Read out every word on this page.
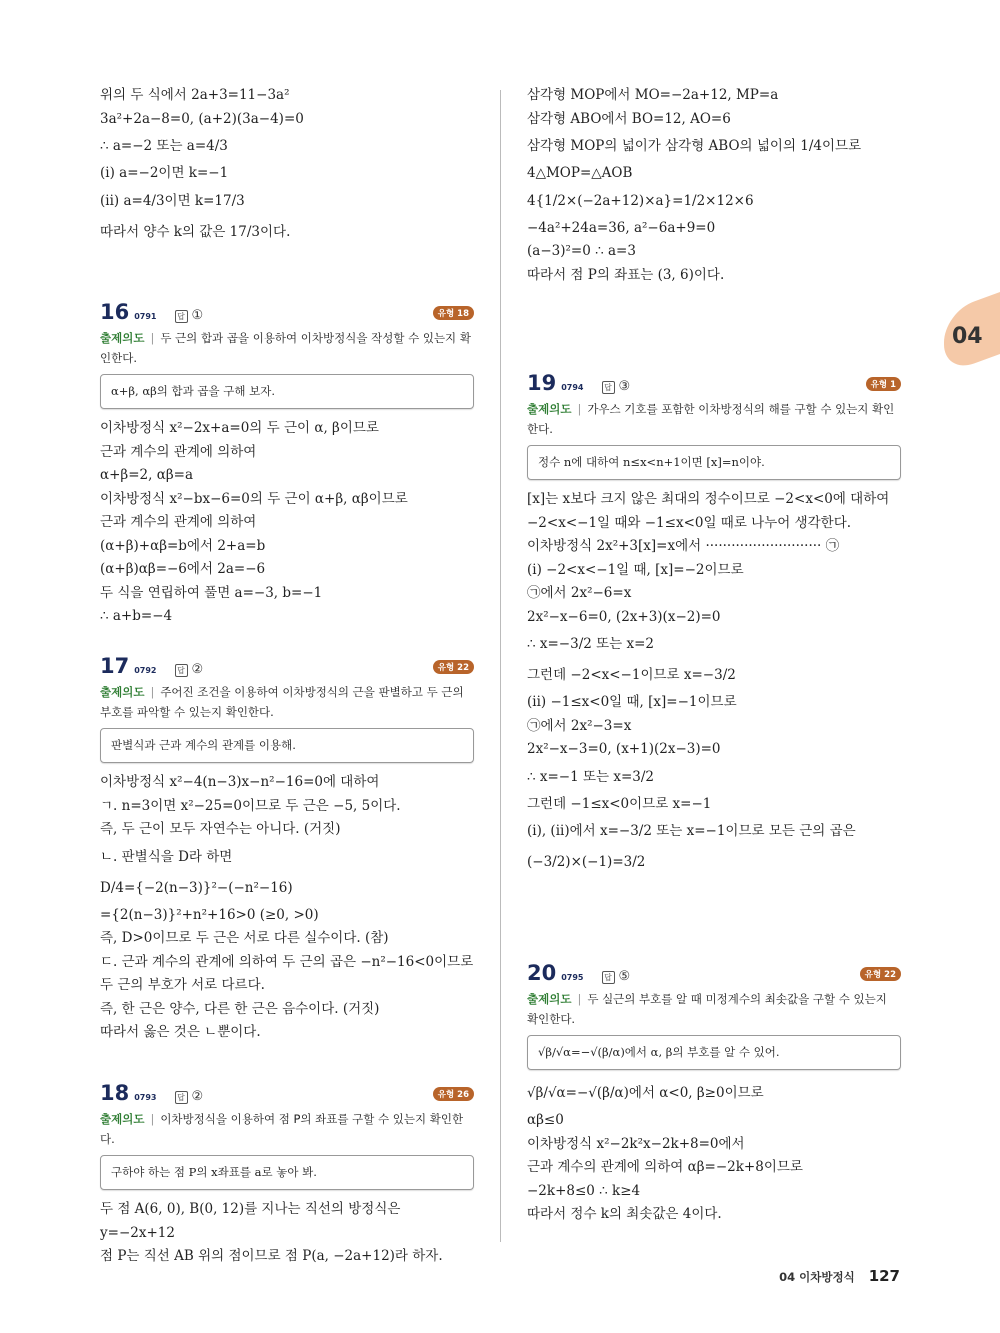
04
위의 두 식에서 2a+3=11−3a²
3a²+2a−8=0, (a+2)(3a−4)=0
∴ a=−2 또는 a=4/3
(i) a=−2이면 k=−1
(ii) a=4/3이면 k=17/3
따라서 양수 k의 값은 17/3이다.
16 0791	답 ①	유형 18
출제의도 | 두 근의 합과 곱을 이용하여 이차방정식을 작성할 수 있는지 확인한다.
α+β, αβ의 합과 곱을 구해 보자.
이차방정식 x²−2x+a=0의 두 근이 α, β이므로
근과 계수의 관계에 의하여
α+β=2, αβ=a
이차방정식 x²−bx−6=0의 두 근이 α+β, αβ이므로
근과 계수의 관계에 의하여
(α+β)+αβ=b에서 2+a=b
(α+β)αβ=−6에서 2a=−6
두 식을 연립하여 풀면 a=−3, b=−1
∴ a+b=−4
17 0792	답 ②	유형 22
출제의도 | 주어진 조건을 이용하여 이차방정식의 근을 판별하고 두 근의 부호를 파악할 수 있는지 확인한다.
판별식과 근과 계수의 관계를 이용해.
이차방정식 x²−4(n−3)x−n²−16=0에 대하여
ㄱ. n=3이면 x²−25=0이므로 두 근은 −5, 5이다.
즉, 두 근이 모두 자연수는 아니다. (거짓)
ㄴ. 판별식을 D라 하면
D/4={−2(n−3)}²−(−n²−16)
={2(n−3)}²+n²+16>0 (≥0, >0)
즉, D>0이므로 두 근은 서로 다른 실수이다. (참)
ㄷ. 근과 계수의 관계에 의하여 두 근의 곱은 −n²−16<0이므로
두 근의 부호가 서로 다르다.
즉, 한 근은 양수, 다른 한 근은 음수이다. (거짓)
따라서 옳은 것은 ㄴ뿐이다.
18 0793	답 ②	유형 26
출제의도 | 이차방정식을 이용하여 점 P의 좌표를 구할 수 있는지 확인한다.
구하야 하는 점 P의 x좌표를 a로 놓아 봐.
두 점 A(6, 0), B(0, 12)를 지나는 직선의 방정식은
y=−2x+12
점 P는 직선 AB 위의 점이므로 점 P(a, −2a+12)라 하자.
삼각형 MOP에서 MO=−2a+12, MP=a
삼각형 ABO에서 BO=12, AO=6
삼각형 MOP의 넓이가 삼각형 ABO의 넓이의 1/4이므로
4△MOP=△AOB
4{1/2×(−2a+12)×a}=1/2×12×6
−4a²+24a=36, a²−6a+9=0
(a−3)²=0 ∴ a=3
따라서 점 P의 좌표는 (3, 6)이다.
19 0794	답 ③	유형 1
출제의도 | 가우스 기호를 포함한 이차방정식의 해를 구할 수 있는지 확인한다.
정수 n에 대하여 n≤x<n+1이면 [x]=n이야.
[x]는 x보다 크지 않은 최대의 정수이므로 −2<x<0에 대하여
−2<x<−1일 때와 −1≤x<0일 때로 나누어 생각한다.
이차방정식 2x²+3[x]=x에서 ··························· ㉠
(i) −2<x<−1일 때, [x]=−2이므로
㉠에서 2x²−6=x
2x²−x−6=0, (2x+3)(x−2)=0
∴ x=−3/2 또는 x=2
그런데 −2<x<−1이므로 x=−3/2
(ii) −1≤x<0일 때, [x]=−1이므로
㉠에서 2x²−3=x
2x²−x−3=0, (x+1)(2x−3)=0
∴ x=−1 또는 x=3/2
그런데 −1≤x<0이므로 x=−1
(i), (ii)에서 x=−3/2 또는 x=−1이므로 모든 근의 곱은
(−3/2)×(−1)=3/2
20 0795	답 ⑤	유형 22
출제의도 | 두 실근의 부호를 알 때 미정계수의 최솟값을 구할 수 있는지 확인한다.
√β/√α=−√(β/α)에서 α, β의 부호를 알 수 있어.
√β/√α=−√(β/α)에서 α<0, β≥0이므로
αβ≤0
이차방정식 x²−2k²x−2k+8=0에서
근과 계수의 관계에 의하여 αβ=−2k+8이므로
−2k+8≤0 ∴ k≥4
따라서 정수 k의 최솟값은 4이다.
04 이차방정식 127
